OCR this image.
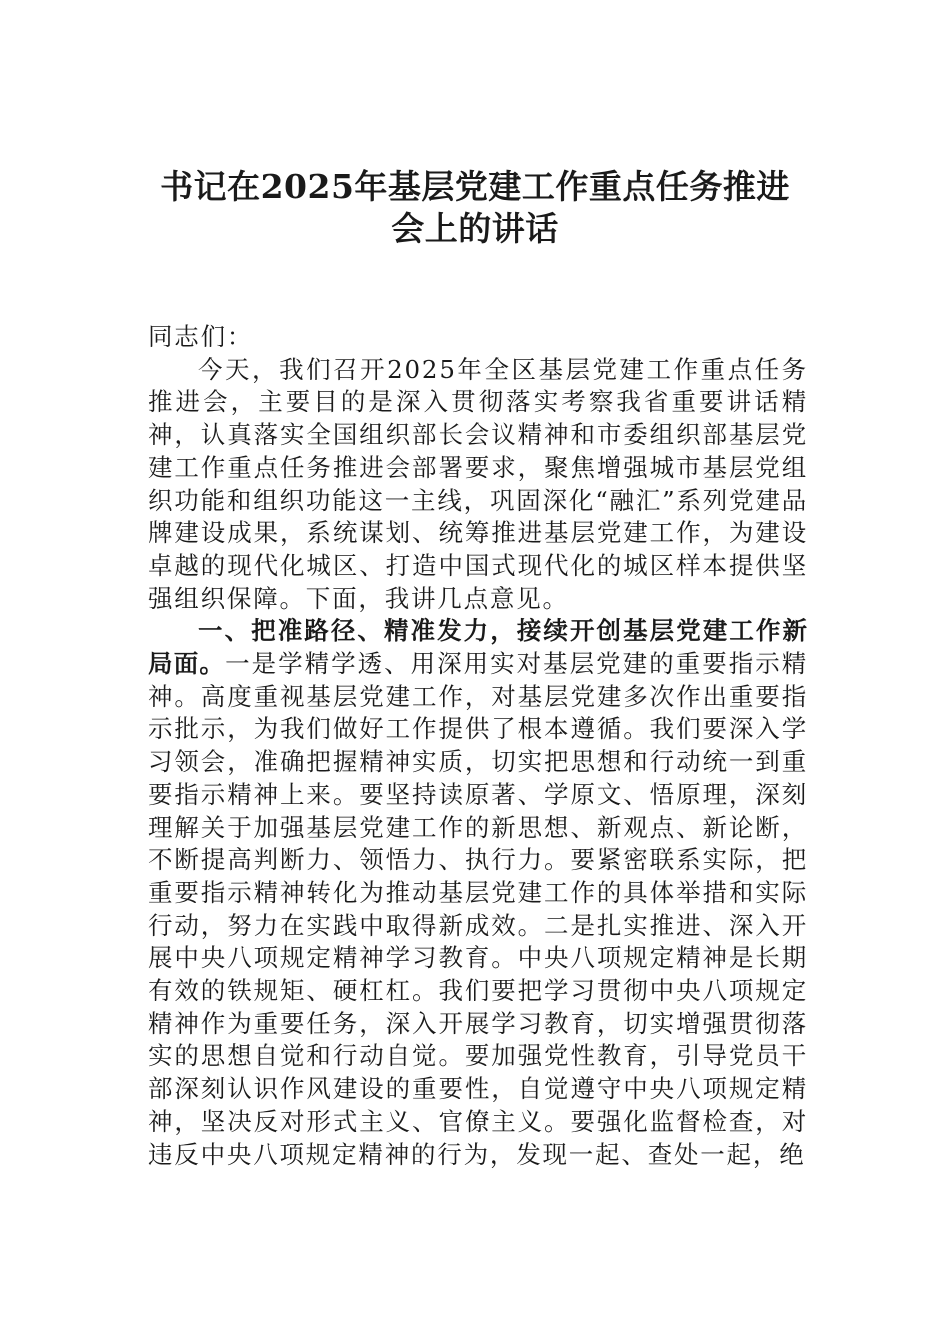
书记在2025年基层党建工作重点任务推进
会上的讲话

同志们：

今天，我们召开2025年全区基层党建工作重点任务推进会，主要目的是深入贯彻落实考察我省重要讲话精神，认真落实全国组织部长会议精神和市委组织部基层党建工作重点任务推进会部署要求，聚焦增强城市基层党组织功能和组织功能这一主线，巩固深化“融汇”系列党建品牌建设成果，系统谋划、统筹推进基层党建工作，为建设卓越的现代化城区、打造中国式现代化的城区样本提供坚强组织保障。下面，我讲几点意见。

一、把准路径、精准发力，接续开创基层党建工作新局面。一是学精学透、用深用实对基层党建的重要指示精神。高度重视基层党建工作，对基层党建多次作出重要指示批示，为我们做好工作提供了根本遵循。我们要深入学习领会，准确把握精神实质，切实把思想和行动统一到重要指示精神上来。要坚持读原著、学原文、悟原理，深刻理解关于加强基层党建工作的新思想、新观点、新论断，不断提高判断力、领悟力、执行力。要紧密联系实际，把重要指示精神转化为推动基层党建工作的具体举措和实际行动，努力在实践中取得新成效。二是扎实推进、深入开展中央八项规定精神学习教育。中央八项规定精神是长期有效的铁规矩、硬杠杠。我们要把学习贯彻中央八项规定精神作为重要任务，深入开展学习教育，切实增强贯彻落实的思想自觉和行动自觉。要加强党性教育，引导党员干部深刻认识作风建设的重要性，自觉遵守中央八项规定精神，坚决反对形式主义、官僚主义。要强化监督检查，对违反中央八项规定精神的行为，发现一起、查处一起，绝
